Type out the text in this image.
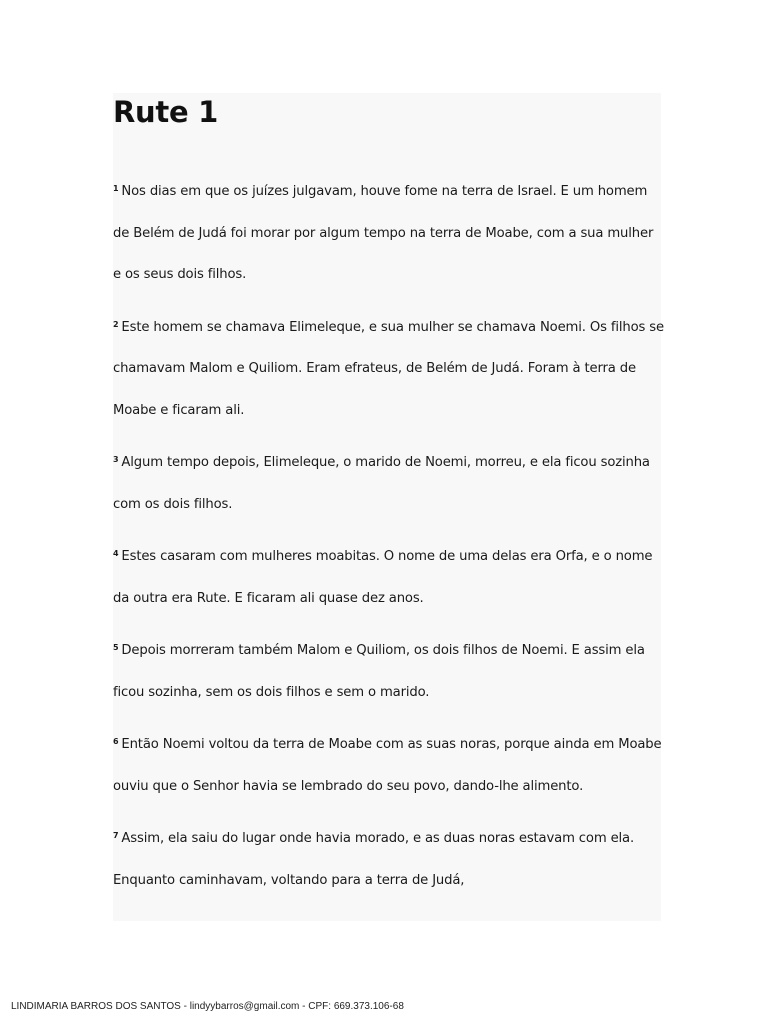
Rute 1

$^1$ Nos dias em que os juízes julgavam, houve fome na terra de Israel. E um homem de Belém de Judá foi morar por algum tempo na terra de Moabe, com a sua mulher e os seus dois filhos.

$^2$ Este homem se chamava Elimeleque, e sua mulher se chamava Noemi. Os filhos se chamavam Malom e Quiliom. Eram efrateus, de Belém de Judá. Foram à terra de Moabe e ficaram ali.

$^3$ Algum tempo depois, Elimeleque, o marido de Noemi, morreu, e ela ficou sozinha com os dois filhos.

$^4$ Estes casaram com mulheres moabitas. O nome de uma delas era Orfa, e o nome da outra era Rute. E ficaram ali quase dez anos.

$^5$ Depois morreram também Malom e Quiliom, os dois filhos de Noemi. E assim ela ficou sozinha, sem os dois filhos e sem o marido.

$^6$ Então Noemi voltou da terra de Moabe com as suas noras, porque ainda em Moabe ouviu que o Senhor havia se lembrado do seu povo, dando-lhe alimento.

$^7$ Assim, ela saiu do lugar onde havia morado, e as duas noras estavam com ela. Enquanto caminhavam, voltando para a terra de Judá,

LINDIMARIA BARROS DOS SANTOS - lindyybarros@gmail.com - CPF: 669.373.106-68
